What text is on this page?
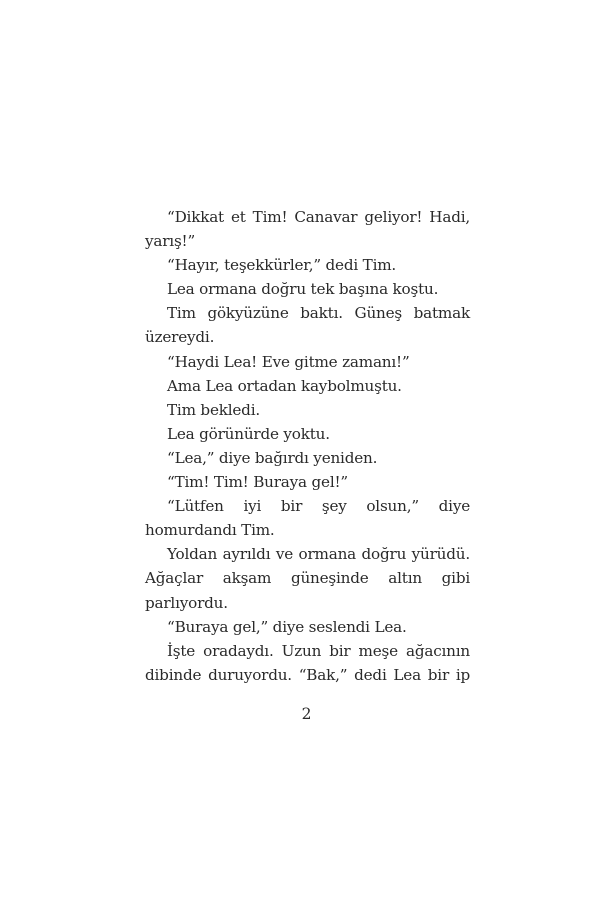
“Dikkat et Tim! Canavar geliyor! Hadi, yarış!”

“Hayır, teşekkürler,” dedi Tim.

Lea ormana doğru tek başına koştu.

Tim gökyüzüne baktı. Güneş batmak üzereydi.

“Haydi Lea! Eve gitme zamanı!”

Ama Lea ortadan kaybolmuştu.

Tim bekledi.

Lea görünürde yoktu.

“Lea,” diye bağırdı yeniden.

“Tim! Tim! Buraya gel!”

“Lütfen iyi bir şey olsun,” diye homurdandı Tim.

Yoldan ayrıldı ve ormana doğru yürüdü. Ağaçlar akşam güneşinde altın gibi parlıyordu.

“Buraya gel,” diye seslendi Lea.

İşte oradaydı. Uzun bir meşe ağacının dibinde duruyordu. “Bak,” dedi Lea bir ip

2
